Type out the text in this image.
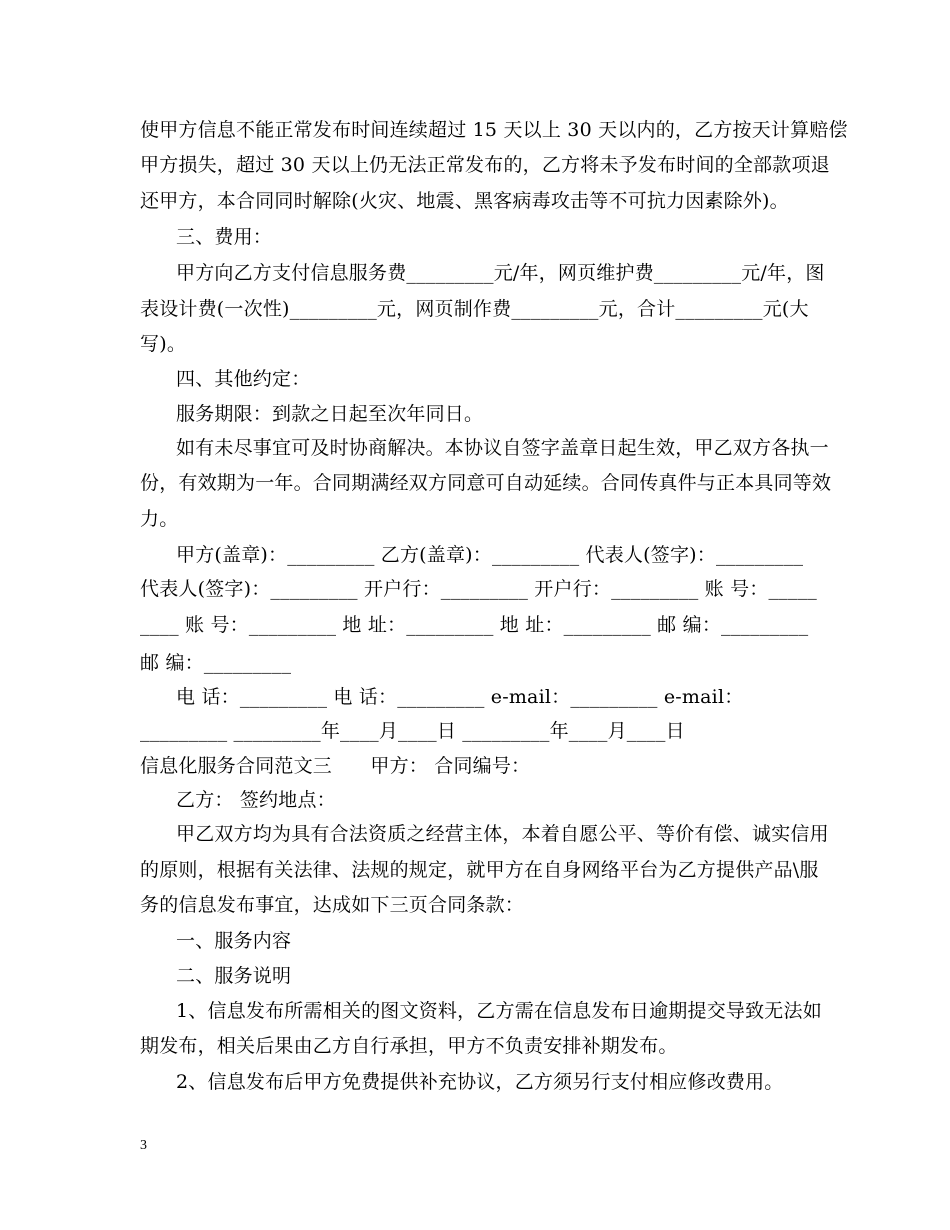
使甲方信息不能正常发布时间连续超过 15 天以上 30 天以内的，乙方按天计算赔偿
甲方损失，超过 30 天以上仍无法正常发布的，乙方将未予发布时间的全部款项退
还甲方，本合同同时解除(火灾、地震、黑客病毒攻击等不可抗力因素除外)。
三、费用：
甲方向乙方支付信息服务费_________元/年，网页维护费_________元/年，图
表设计费(一次性)_________元，网页制作费_________元，合计_________元(大
写)。
四、其他约定：
服务期限：到款之日起至次年同日。
如有未尽事宜可及时协商解决。本协议自签字盖章日起生效，甲乙双方各执一
份，有效期为一年。合同期满经双方同意可自动延续。合同传真件与正本具同等效
力。
甲方(盖章)：_________ 乙方(盖章)：_________ 代表人(签字)：_________
代表人(签字)：_________ 开户行：_________ 开户行：_________ 账 号：_____
____ 账 号：_________ 地 址：_________ 地 址：_________ 邮 编：_________
邮 编：_________
电 话：_________ 电 话：_________ e-mail：_________ e-mail：
_________ _________年____月____日 _________年____月____日
信息化服务合同范文三　　甲方： 合同编号：
乙方： 签约地点：
甲乙双方均为具有合法资质之经营主体，本着自愿公平、等价有偿、诚实信用
的原则，根据有关法律、法规的规定，就甲方在自身网络平台为乙方提供产品\服
务的信息发布事宜，达成如下三页合同条款：
一、服务内容
二、服务说明
1、信息发布所需相关的图文资料，乙方需在信息发布日逾期提交导致无法如
期发布，相关后果由乙方自行承担，甲方不负责安排补期发布。
2、信息发布后甲方免费提供补充协议，乙方须另行支付相应修改费用。
3
